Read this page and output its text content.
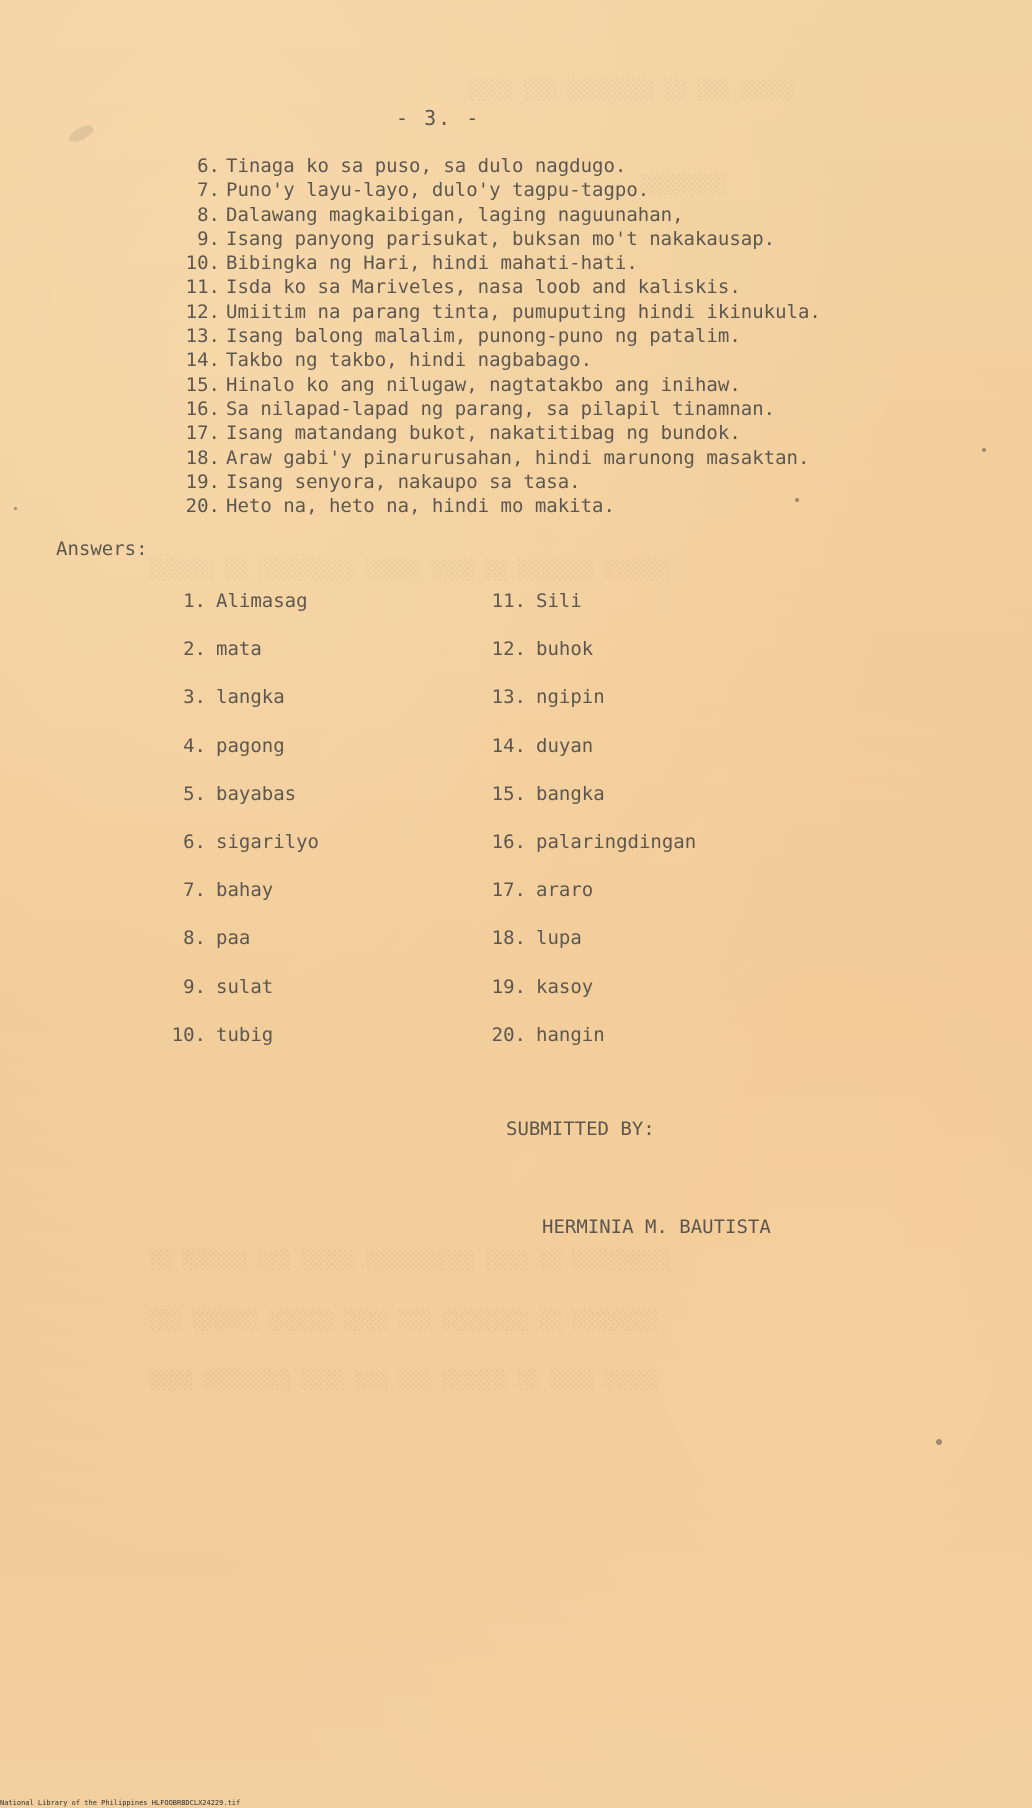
░░░░ ░░░ ░░░░░░░░ ░░ ░░░ ░░░░░
░░░░░░░░
░░░░░░ ░░ ░░░░░░░░░ ░░░░░ ░░░░ ░░ ░░░░░░░ ░░░░░░
░░ ░░░░░░ ░░░ ░░░░░ ░░░░░░░░░░ ░░░░ ░░ ░░░░░░░░░
░░░ ░░░░░░ ░░░░░░ ░░░░ ░░░ ░░░░░░░░ ░░ ░░░░░░░░
░░░░ ░░░░░░░░ ░░░░ ░░░ ░░░ ░░░░░░ ░░ ░░░░ ░░░░░
- 3. -
6. Tinaga ko sa puso, sa dulo nagdugo.
7. Puno'y layu-layo, dulo'y tagpu-tagpo.
8. Dalawang magkaibigan, laging naguunahan,
9. Isang panyong parisukat, buksan mo't nakakausap.
10. Bibingka ng Hari, hindi mahati-hati.
11. Isda ko sa Mariveles, nasa loob and kaliskis.
12. Umiitim na parang tinta, pumuputing hindi ikinukula.
13. Isang balong malalim, punong-puno ng patalim.
14. Takbo ng takbo, hindi nagbabago.
15. Hinalo ko ang nilugaw, nagtatakbo ang inihaw.
16. Sa nilapad-lapad ng parang, sa pilapil tinamnan.
17. Isang matandang bukot, nakatitibag ng bundok.
18. Araw gabi'y pinarurusahan, hindi marunong masaktan.
19. Isang senyora, nakaupo sa tasa.
20. Heto na, heto na, hindi mo makita.
Answers:
1. Alimasag
2. mata
3. langka
4. pagong
5. bayabas
6. sigarilyo
7. bahay
8. paa
9. sulat
10. tubig
11. Sili
12. buhok
13. ngipin
14. duyan
15. bangka
16. palaringdingan
17. araro
18. lupa
19. kasoy
20. hangin
SUBMITTED BY:
HERMINIA M. BAUTISTA
National Library of the Philippines HLFOOBRBDCLX24229.tif
